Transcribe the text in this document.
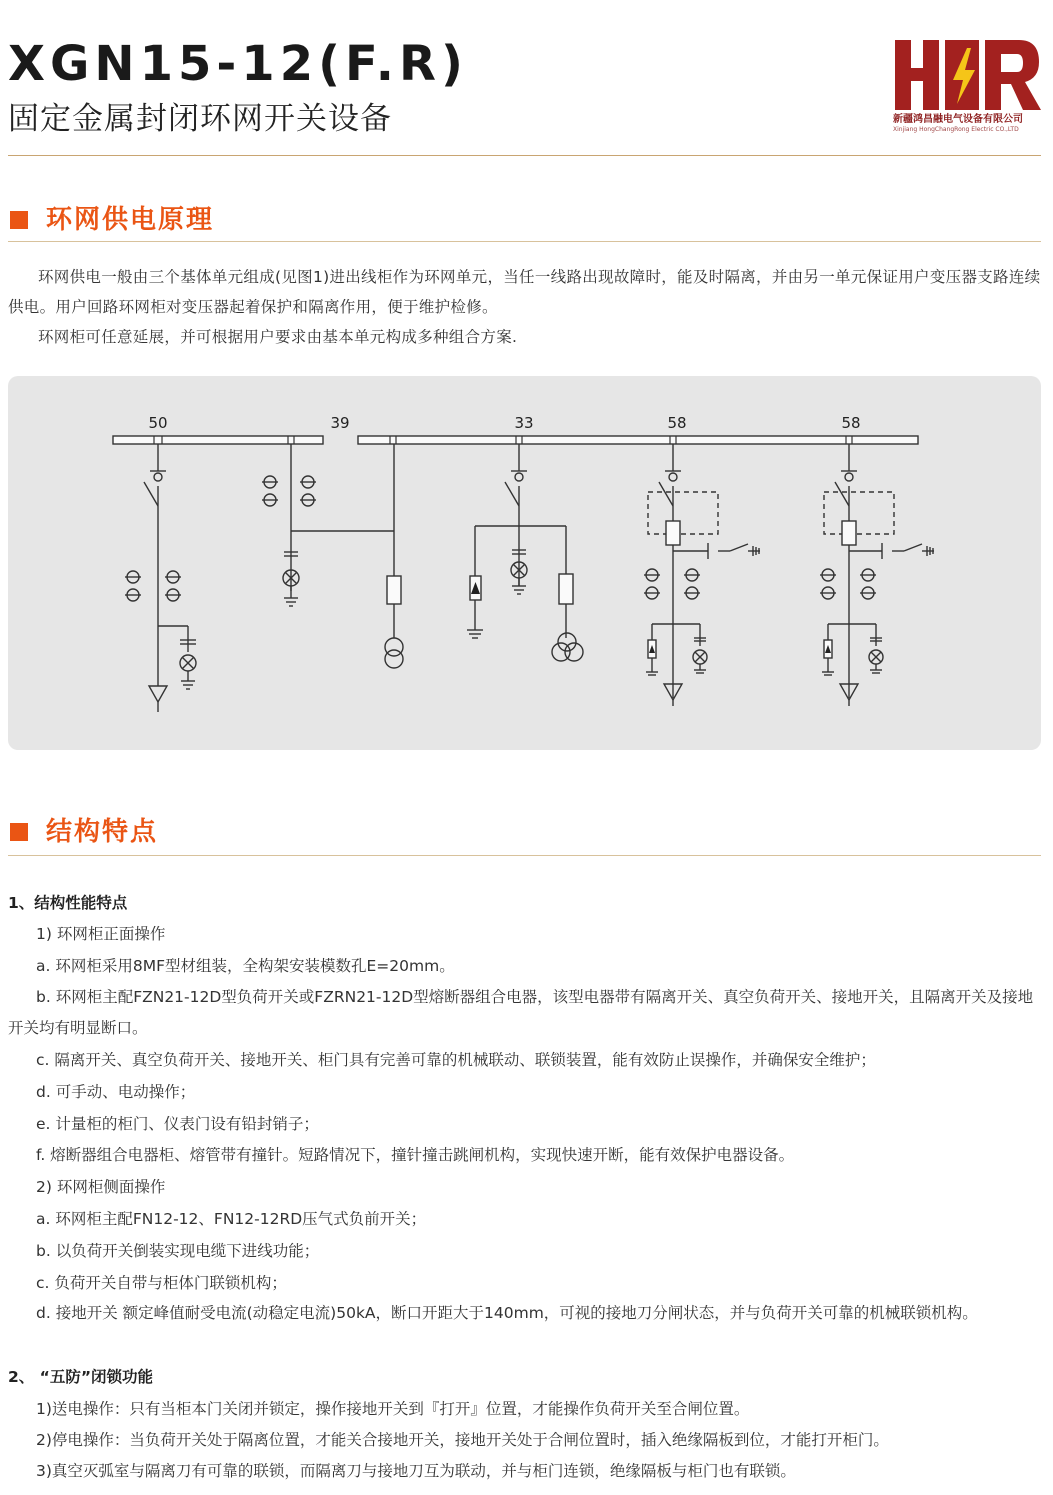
XGN15-12(F.R)
固定金属封闭环网开关设备	新疆鸿昌融电气设备有限公司
Xinjiang HongChangRong Electric CO.,LTD
环网供电原理
环网供电一般由三个基体单元组成(见图1)进出线柜作为环网单元，当任一线路出现故障时，能及时隔离，并由另一单元保证用户变压器支路连续供电。用户回路环网柜对变压器起着保护和隔离作用，便于维护检修。
环网柜可任意延展，并可根据用户要求由基本单元构成多种组合方案.
50	39	33	58	58
结构特点
1、结构性能特点
1) 环网柜正面操作
a. 环网柜采用8MF型材组装，全构架安装模数孔E=20mm。
b. 环网柜主配FZN21-12D型负荷开关或FZRN21-12D型熔断器组合电器，该型电器带有隔离开关、真空负荷开关、接地开关，且隔离开关及接地开关均有明显断口。
c. 隔离开关、真空负荷开关、接地开关、柜门具有完善可靠的机械联动、联锁装置，能有效防止误操作，并确保安全维护；
d. 可手动、电动操作；
e. 计量柜的柜门、仪表门设有铅封销子；
f. 熔断器组合电器柜、熔管带有撞针。短路情况下，撞针撞击跳闸机构，实现快速开断，能有效保护电器设备。
2) 环网柜侧面操作
a. 环网柜主配FN12-12、FN12-12RD压气式负前开关；
b. 以负荷开关倒装实现电缆下进线功能；
c. 负荷开关自带与柜体门联锁机构；
d. 接地开关 额定峰值耐受电流(动稳定电流)50kA，断口开距大于140mm，可视的接地刀分闸状态，并与负荷开关可靠的机械联锁机构。
2、 “五防”闭锁功能
1)送电操作：只有当柜本门关闭并锁定，操作接地开关到『打开』位置，才能操作负荷开关至合闸位置。
2)停电操作：当负荷开关处于隔离位置，才能关合接地开关，接地开关处于合闸位置时，插入绝缘隔板到位，才能打开柜门。
3)真空灭弧室与隔离刀有可靠的联锁，而隔离刀与接地刀互为联动，并与柜门连锁，绝缘隔板与柜门也有联锁。
